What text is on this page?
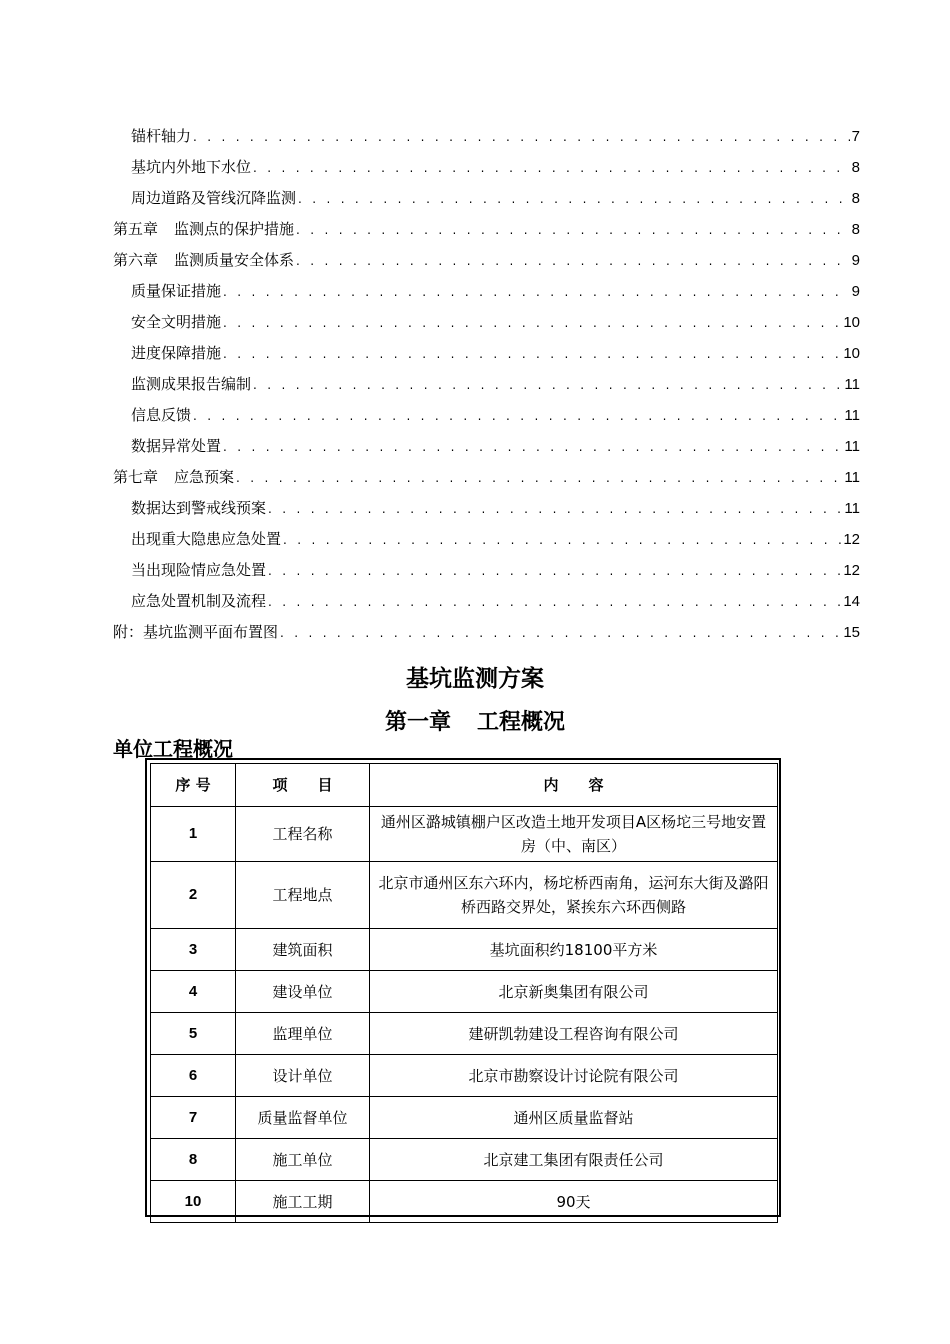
锚杆轴力 . . .	7
基坑内外地下水位 . . .	8
周边道路及管线沉降监测 . . .	8
第五章 监测点的保护措施 . . .	8
第六章 监测质量安全体系 . . .	9
质量保证措施 . . .	9
安全文明措施 . . .	10
进度保障措施 . . .	10
监测成果报告编制 . . .	11
信息反馈 . . .	11
数据异常处置 . . .	11
第七章 应急预案 . . .	11
数据达到警戒线预案 . . .	11
出现重大隐患应急处置 . . .	12
当出现险情应急处置 . . .	12
应急处置机制及流程 . . .	14
附：基坑监测平面布置图 . . .	15
基坑监测方案
第一章 工程概况
单位工程概况
序 号	项　　目	内　　容
1	工程名称	通州区潞城镇棚户区改造土地开发项目A区杨坨三号地安置房（中、南区）
2	工程地点	北京市通州区东六环内，杨坨桥西南角，运河东大街及潞阳桥西路交界处，紧挨东六环西侧路
3	建筑面积	基坑面积约18100平方米
4	建设单位	北京新奥集团有限公司
5	监理单位	建研凯勃建设工程咨询有限公司
6	设计单位	北京市勘察设计讨论院有限公司
7	质量监督单位	通州区质量监督站
8	施工单位	北京建工集团有限责任公司
10	施工工期	90天
